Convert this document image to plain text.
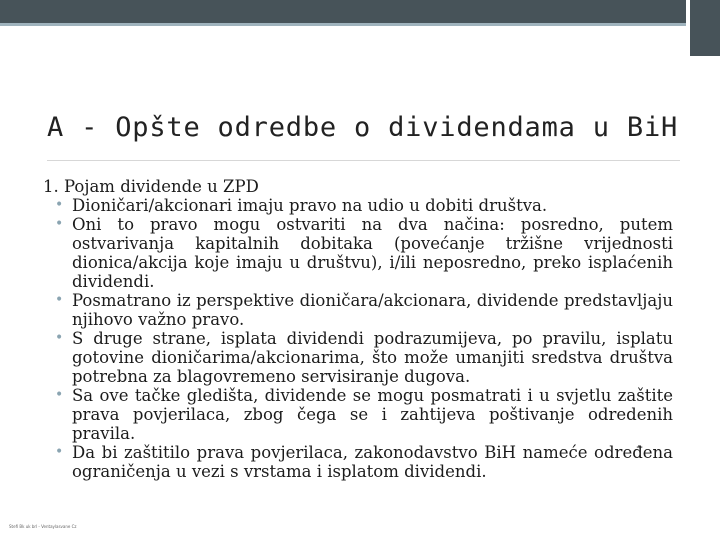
A - Opšte odredbe o dividendama u BiH

1. Pojam dividende u ZPD

• Dioničari/akcionari imaju pravo na udio u dobiti društva.
• Oni to pravo mogu ostvariti na dva načina: posredno, putem ostvarivanja kapitalnih dobitaka (povećanje tržišne vrijednosti dionica/akcija koje imaju u društvu), i/ili neposredno, preko isplaćenih dividendi.
• Posmatrano iz perspektive dioničara/akcionara, dividende predstavljaju njihovo važno pravo.
• S druge strane, isplata dividendi podrazumijeva, po pravilu, isplatu gotovine dioničarima/akcionarima, što može umanjiti sredstva društva potrebna za blagovremeno servisiranje dugova.
• Sa ove tačke gledišta, dividende se mogu posmatrati i u svjetlu zaštite prava povjerilaca, zbog čega se i zahtijeva poštivanje odredenih pravila.
• Da bi zaštitilo prava povjerilaca, zakonodavstvo BiH nameće određena ograničenja u vezi s vrstama i isplatom dividendi.
Stefi Bk uk brl - Ventaylasvane Cz
